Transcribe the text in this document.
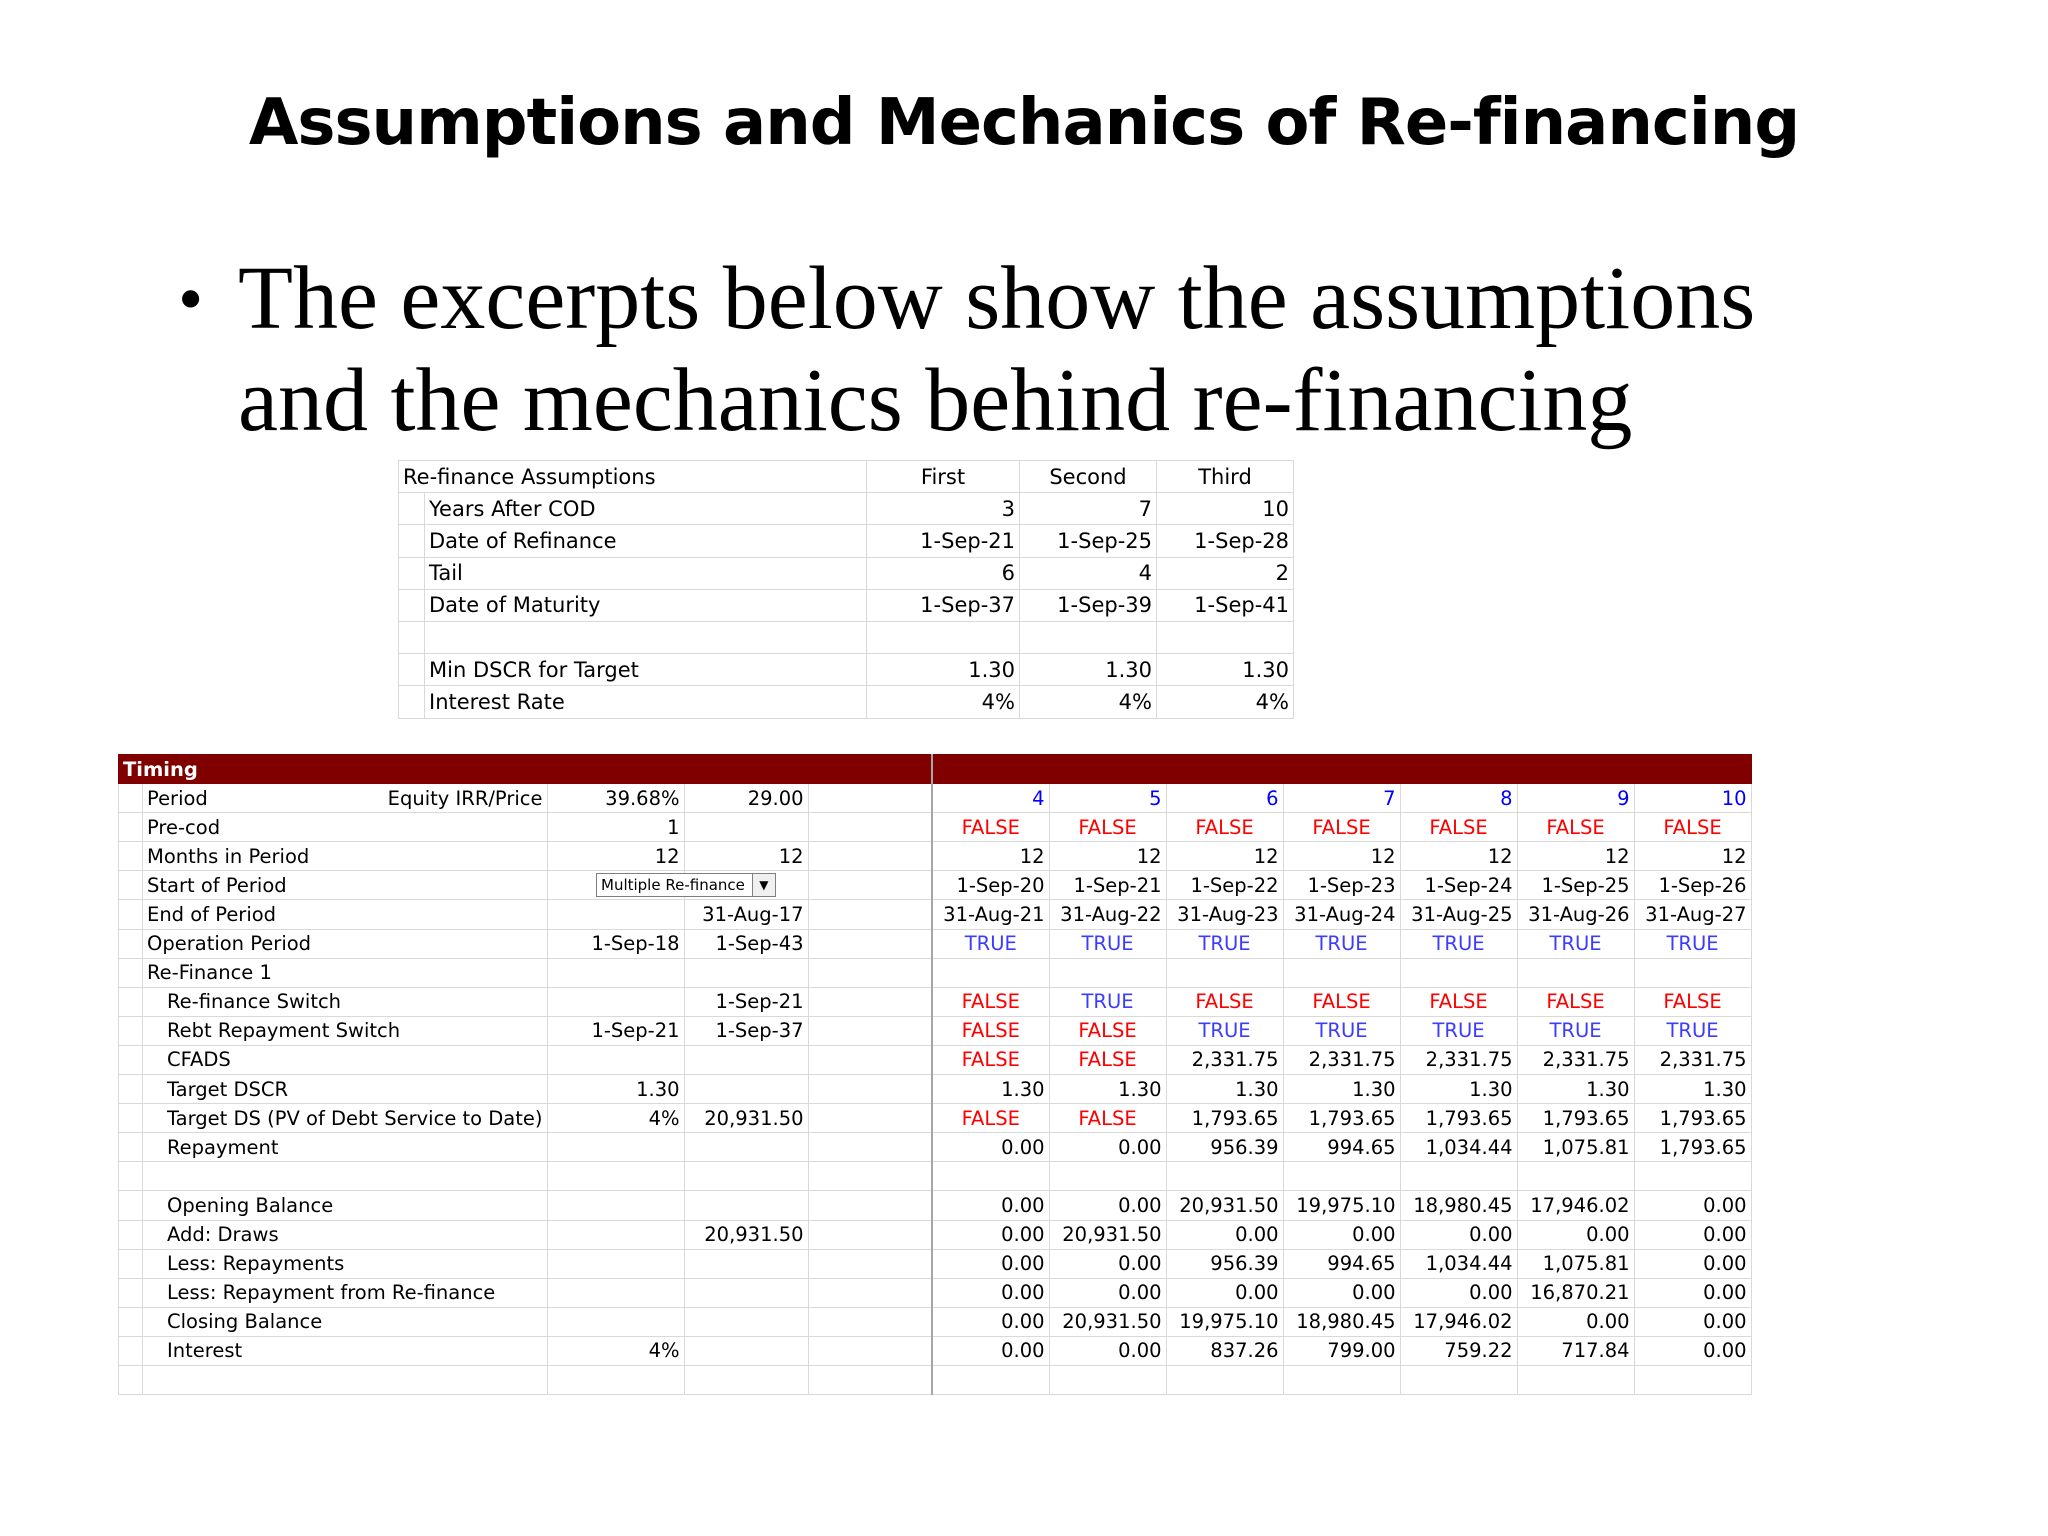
Assumptions and Mechanics of Re-financing
• The excerpts below show the assumptions and the mechanics behind re-financing
Re-finance Assumptions		First	Second	Third
	Years After COD	3	7	10
	Date of Refinance	1-Sep-21	1-Sep-25	1-Sep-28
	Tail	6	4	2
	Date of Maturity	1-Sep-37	1-Sep-39	1-Sep-41

	Min DSCR for Target	1.30	1.30	1.30
	Interest Rate	4%	4%	4%
Timing											
	Period Equity IRR/Price	39.68%	29.00		4	5	6	7	8	9	10
	Pre-cod	1			FALSE	FALSE	FALSE	FALSE	FALSE	FALSE	FALSE
	Months in Period	12	12		12	12	12	12	12	12	12
	Start of Period Multiple Re-finance ▼				1-Sep-20	1-Sep-21	1-Sep-22	1-Sep-23	1-Sep-24	1-Sep-25	1-Sep-26
	End of Period		31-Aug-17		31-Aug-21	31-Aug-22	31-Aug-23	31-Aug-24	31-Aug-25	31-Aug-26	31-Aug-27
	Operation Period	1-Sep-18	1-Sep-43		TRUE	TRUE	TRUE	TRUE	TRUE	TRUE	TRUE
	Re-Finance 1										
	Re-finance Switch		1-Sep-21		FALSE	TRUE	FALSE	FALSE	FALSE	FALSE	FALSE
	Rebt Repayment Switch	1-Sep-21	1-Sep-37		FALSE	FALSE	TRUE	TRUE	TRUE	TRUE	TRUE
	CFADS				FALSE	FALSE	2,331.75	2,331.75	2,331.75	2,331.75	2,331.75
	Target DSCR	1.30			1.30	1.30	1.30	1.30	1.30	1.30	1.30
	Target DS (PV of Debt Service to Date)	4%	20,931.50		FALSE	FALSE	1,793.65	1,793.65	1,793.65	1,793.65	1,793.65
	Repayment				0.00	0.00	956.39	994.65	1,034.44	1,075.81	1,793.65

	Opening Balance				0.00	0.00	20,931.50	19,975.10	18,980.45	17,946.02	0.00
	Add: Draws		20,931.50		0.00	20,931.50	0.00	0.00	0.00	0.00	0.00
	Less: Repayments				0.00	0.00	956.39	994.65	1,034.44	1,075.81	0.00
	Less: Repayment from Re-finance				0.00	0.00	0.00	0.00	0.00	16,870.21	0.00
	Closing Balance				0.00	20,931.50	19,975.10	18,980.45	17,946.02	0.00	0.00
	Interest	4%			0.00	0.00	837.26	799.00	759.22	717.84	0.00
